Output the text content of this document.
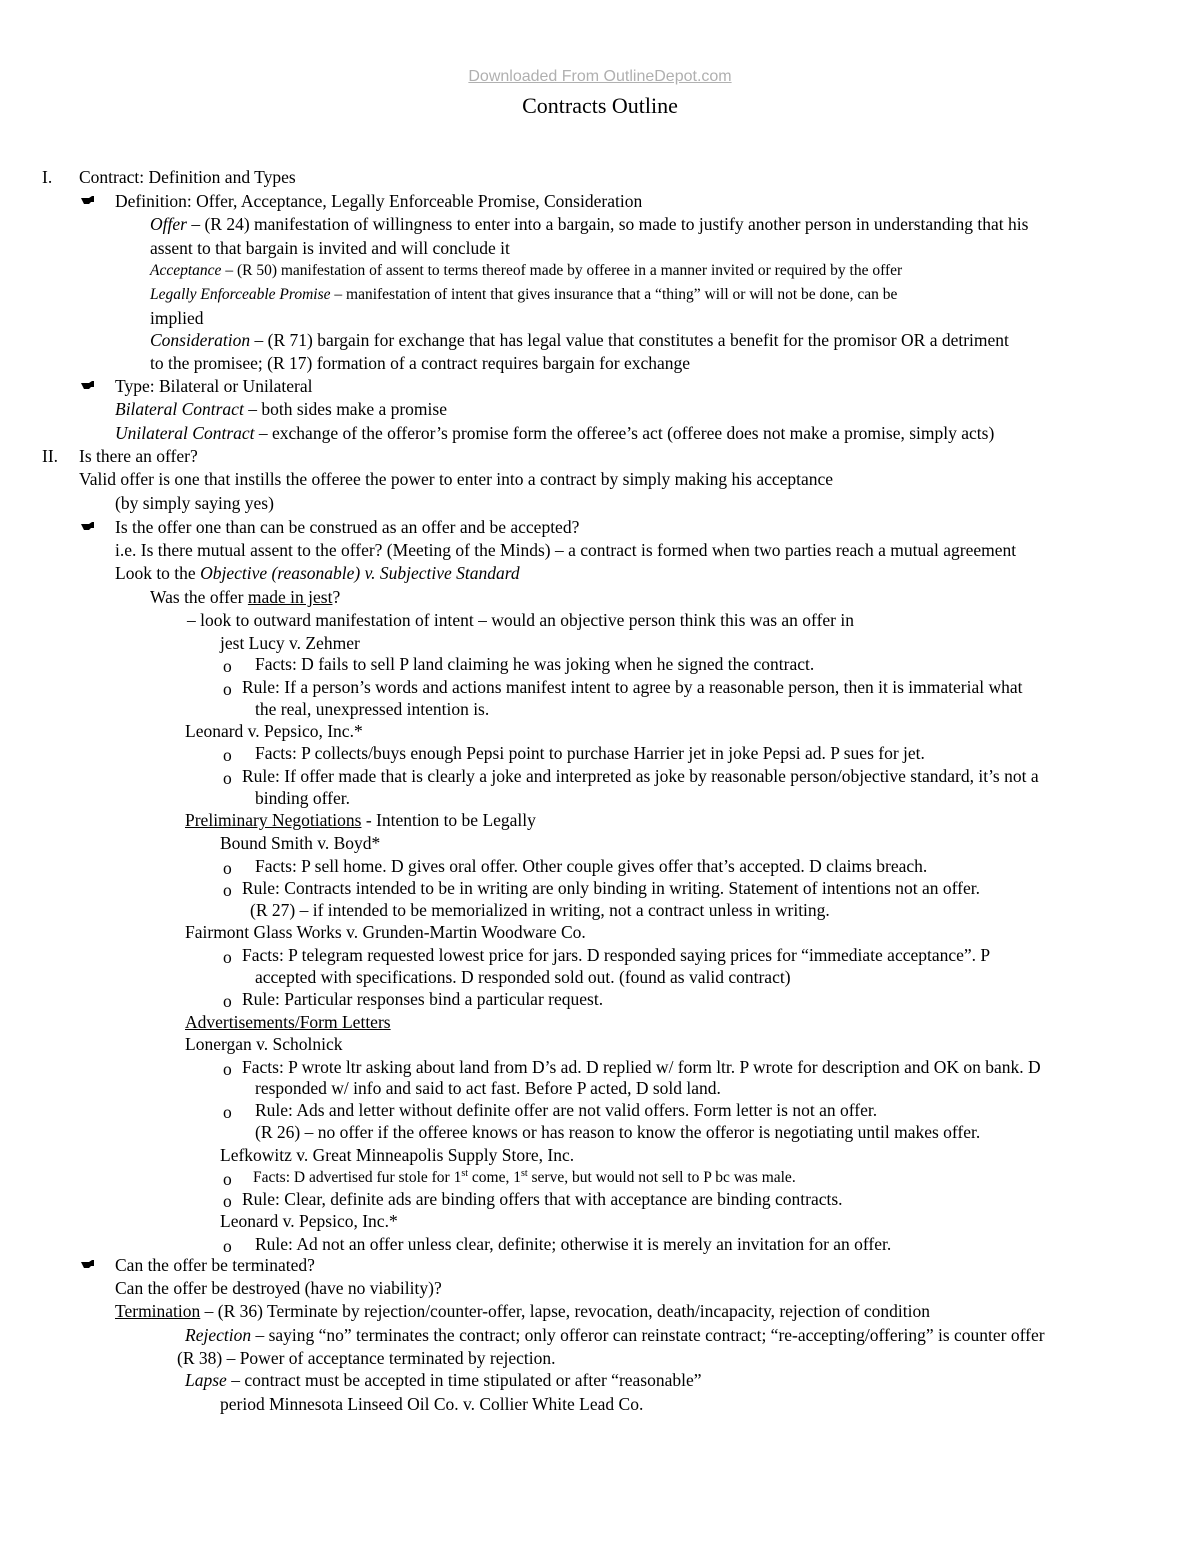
Downloaded From OutlineDepot.com
Contracts Outline
I. Contract: Definition and Types
Definition: Offer, Acceptance, Legally Enforceable Promise, Consideration
Offer – (R 24) manifestation of willingness to enter into a bargain, so made to justify another person in understanding that his
assent to that bargain is invited and will conclude it
Acceptance – (R 50) manifestation of assent to terms thereof made by offeree in a manner invited or required by the offer
Legally Enforceable Promise – manifestation of intent that gives insurance that a “thing” will or will not be done, can be
implied
Consideration – (R 71) bargain for exchange that has legal value that constitutes a benefit for the promisor OR a detriment
to the promisee; (R 17) formation of a contract requires bargain for exchange
Type: Bilateral or Unilateral
Bilateral Contract – both sides make a promise
Unilateral Contract – exchange of the offeror’s promise form the offeree’s act (offeree does not make a promise, simply acts)
II. Is there an offer?
Valid offer is one that instills the offeree the power to enter into a contract by simply making his acceptance
(by simply saying yes)
Is the offer one than can be construed as an offer and be accepted?
i.e. Is there mutual assent to the offer? (Meeting of the Minds) – a contract is formed when two parties reach a mutual agreement
Look to the Objective (reasonable) v. Subjective Standard
Was the offer made in jest?
– look to outward manifestation of intent – would an objective person think this was an offer in
jest Lucy v. Zehmer
o Facts: D fails to sell P land claiming he was joking when he signed the contract.
o Rule: If a person’s words and actions manifest intent to agree by a reasonable person, then it is immaterial what
the real, unexpressed intention is.
Leonard v. Pepsico, Inc.*
o Facts: P collects/buys enough Pepsi point to purchase Harrier jet in joke Pepsi ad. P sues for jet.
o Rule: If offer made that is clearly a joke and interpreted as joke by reasonable person/objective standard, it’s not a
binding offer.
Preliminary Negotiations - Intention to be Legally
Bound Smith v. Boyd*
o Facts: P sell home. D gives oral offer. Other couple gives offer that’s accepted. D claims breach.
o Rule: Contracts intended to be in writing are only binding in writing. Statement of intentions not an offer.
(R 27) – if intended to be memorialized in writing, not a contract unless in writing.
Fairmont Glass Works v. Grunden-Martin Woodware Co.
o Facts: P telegram requested lowest price for jars. D responded saying prices for “immediate acceptance”. P
accepted with specifications. D responded sold out. (found as valid contract)
o Rule: Particular responses bind a particular request.
Advertisements/Form Letters
Lonergan v. Scholnick
o Facts: P wrote ltr asking about land from D’s ad. D replied w/ form ltr. P wrote for description and OK on bank. D
responded w/ info and said to act fast. Before P acted, D sold land.
o Rule: Ads and letter without definite offer are not valid offers. Form letter is not an offer.
(R 26) – no offer if the offeree knows or has reason to know the offeror is negotiating until makes offer.
Lefkowitz v. Great Minneapolis Supply Store, Inc.
o Facts: D advertised fur stole for 1st come, 1st serve, but would not sell to P bc was male.
o Rule: Clear, definite ads are binding offers that with acceptance are binding contracts.
Leonard v. Pepsico, Inc.*
o Rule: Ad not an offer unless clear, definite; otherwise it is merely an invitation for an offer.
Can the offer be terminated?
Can the offer be destroyed (have no viability)?
Termination – (R 36) Terminate by rejection/counter-offer, lapse, revocation, death/incapacity, rejection of condition
Rejection – saying “no” terminates the contract; only offeror can reinstate contract; “re-accepting/offering” is counter offer
(R 38) – Power of acceptance terminated by rejection.
Lapse – contract must be accepted in time stipulated or after “reasonable”
period Minnesota Linseed Oil Co. v. Collier White Lead Co.
